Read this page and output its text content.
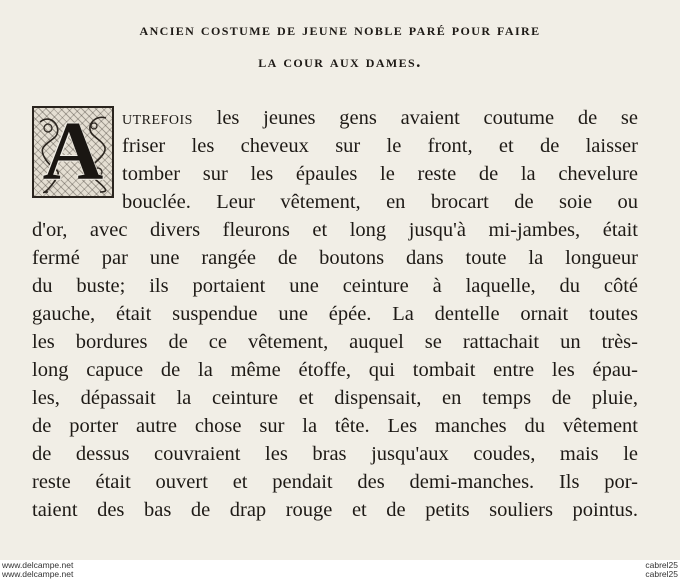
ancien costume de jeune noble paré pour faire
la cour aux dames.
A utrefois les jeunes gens avaient coutume de se
friser les cheveux sur le front, et de laisser
tomber sur les épaules le reste de la chevelure
bouclée. Leur vêtement, en brocart de soie ou
d'or, avec divers fleurons et long jusqu'à mi-jambes, était
fermé par une rangée de boutons dans toute la longueur
du buste; ils portaient une ceinture à laquelle, du côté
gauche, était suspendue une épée. La dentelle ornait toutes
les bordures de ce vêtement, auquel se rattachait un très-
long capuce de la même étoffe, qui tombait entre les épau-
les, dépassait la ceinture et dispensait, en temps de pluie,
de porter autre chose sur la tête. Les manches du vêtement
de dessus couvraient les bras jusqu'aux coudes, mais le
reste était ouvert et pendait des demi-manches. Ils por-
taient des bas de drap rouge et de petits souliers pointus.
www.delcampe.net
www.delcampe.net
cabrel25
cabrel25
